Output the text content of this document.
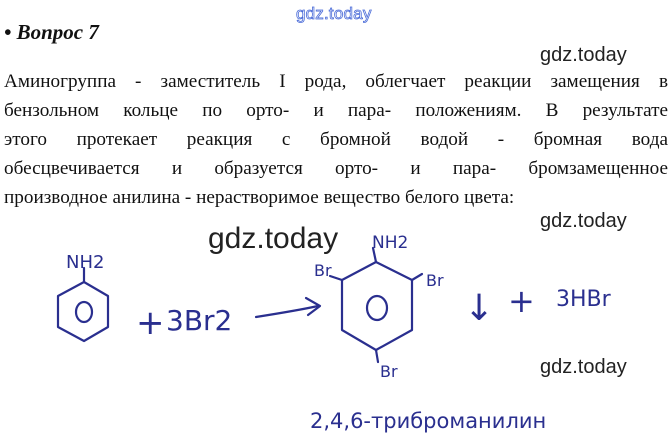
gdz.today
• Вопрос 7
gdz.today
Аминогруппа - заместитель I рода, облегчает реакции замещения в
бензольном кольце по орто- и пара- положениям. В результате
этого протекает реакция с бромной водой - бромная вода
обесцвечивается и образуется орто- и пара- бромзамещенное
производное анилина - нерастворимое вещество белого цвета:
gdz.today
gdz.today
gdz.today
NH2
+ 3Br2
NH2
Br
Br
Br
↓ + 3HBr
2,4,6-трибромaнилин
